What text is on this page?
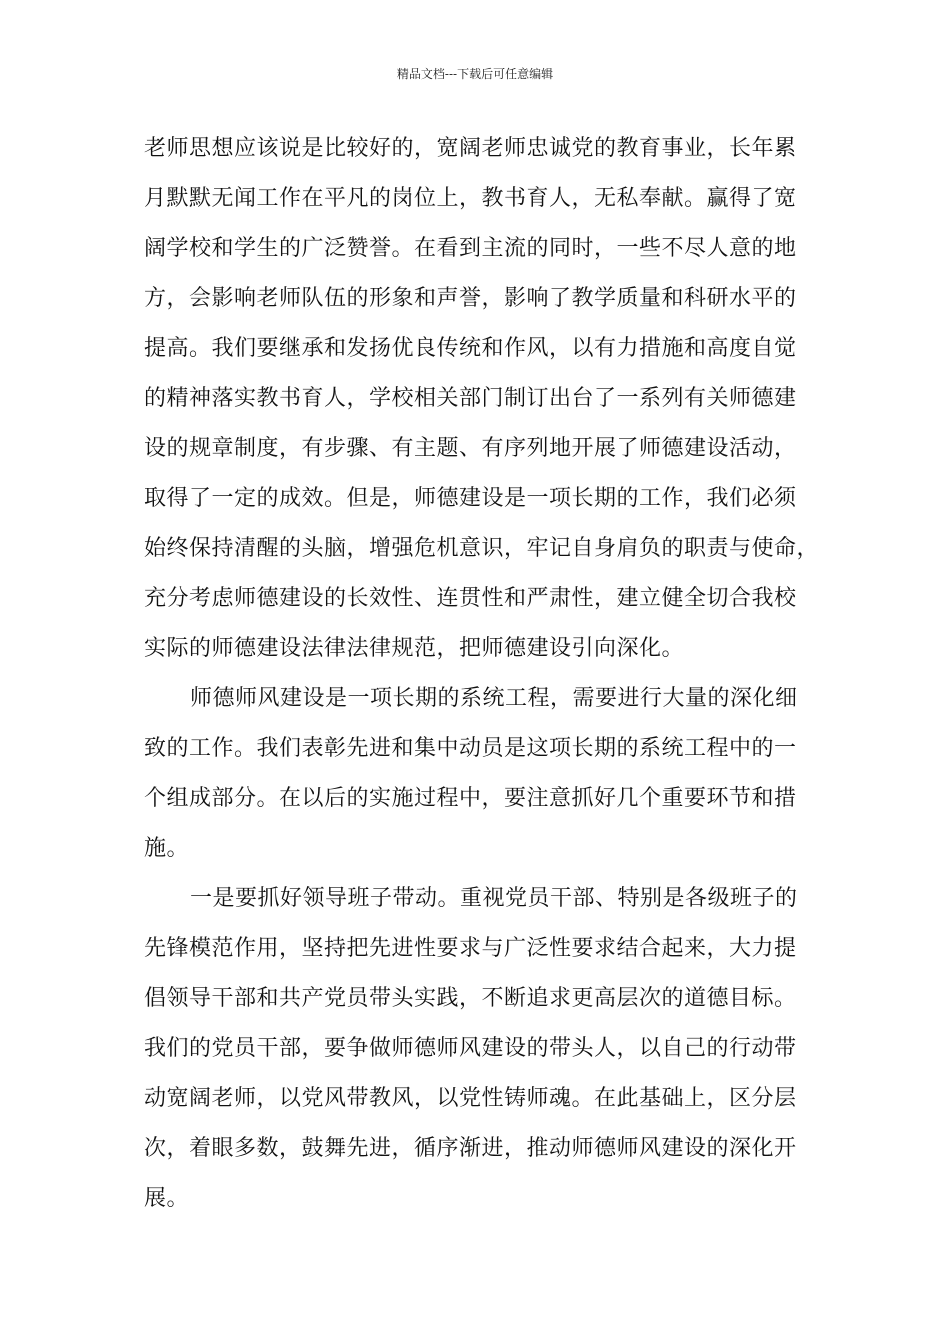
精品文档---下载后可任意编辑
老师思想应该说是比较好的，宽阔老师忠诚党的教育事业，长年累
月默默无闻工作在平凡的岗位上，教书育人，无私奉献。赢得了宽
阔学校和学生的广泛赞誉。在看到主流的同时，一些不尽人意的地
方，会影响老师队伍的形象和声誉，影响了教学质量和科研水平的
提高。我们要继承和发扬优良传统和作风，以有力措施和高度自觉
的精神落实教书育人，学校相关部门制订出台了一系列有关师德建
设的规章制度，有步骤、有主题、有序列地开展了师德建设活动，
取得了一定的成效。但是，师德建设是一项长期的工作，我们必须
始终保持清醒的头脑，增强危机意识，牢记自身肩负的职责与使命，
充分考虑师德建设的长效性、连贯性和严肃性，建立健全切合我校
实际的师德建设法律法律规范，把师德建设引向深化。
师德师风建设是一项长期的系统工程，需要进行大量的深化细
致的工作。我们表彰先进和集中动员是这项长期的系统工程中的一
个组成部分。在以后的实施过程中，要注意抓好几个重要环节和措
施。
一是要抓好领导班子带动。重视党员干部、特别是各级班子的
先锋模范作用，坚持把先进性要求与广泛性要求结合起来，大力提
倡领导干部和共产党员带头实践，不断追求更高层次的道德目标。
我们的党员干部，要争做师德师风建设的带头人，以自己的行动带
动宽阔老师，以党风带教风，以党性铸师魂。在此基础上，区分层
次，着眼多数，鼓舞先进，循序渐进，推动师德师风建设的深化开
展。
